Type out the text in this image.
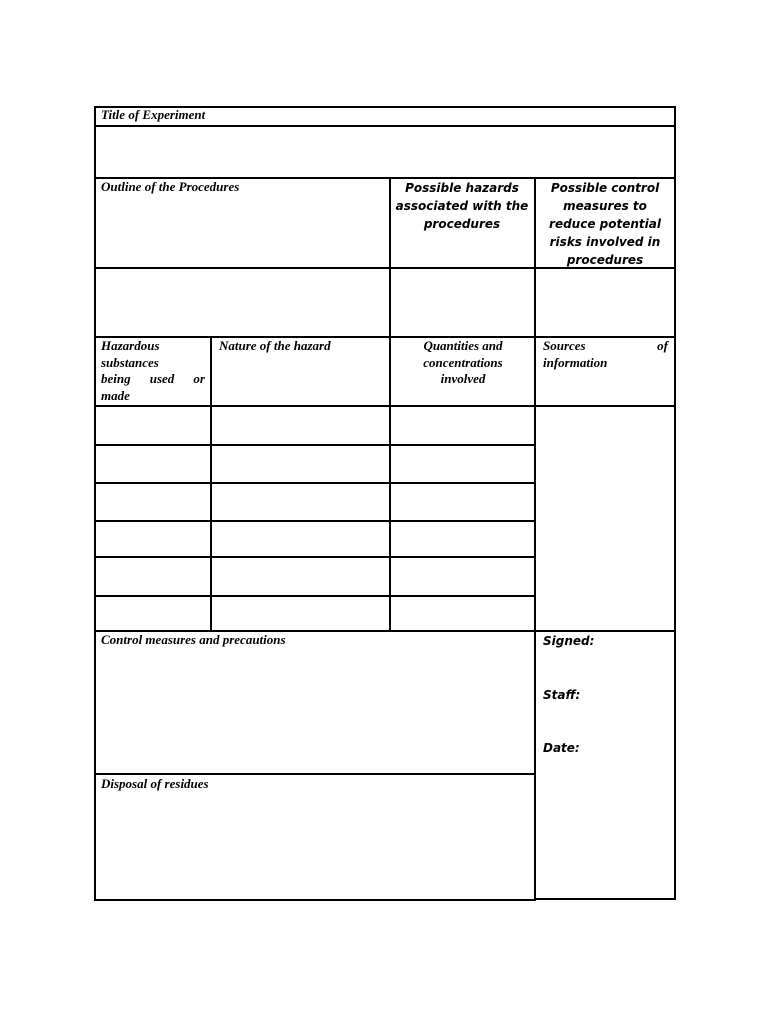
Title of Experiment
Outline of the Procedures	Possible hazards associated with the procedures
Possible control measures to reduce potential risks involved in procedures
Hazardous
substances
being used or
made
Nature of the hazard	Quantities and concentrations involved
Sources of
information
Control measures and precautions
Disposal of residues
Signed:
Staff:
Date:
